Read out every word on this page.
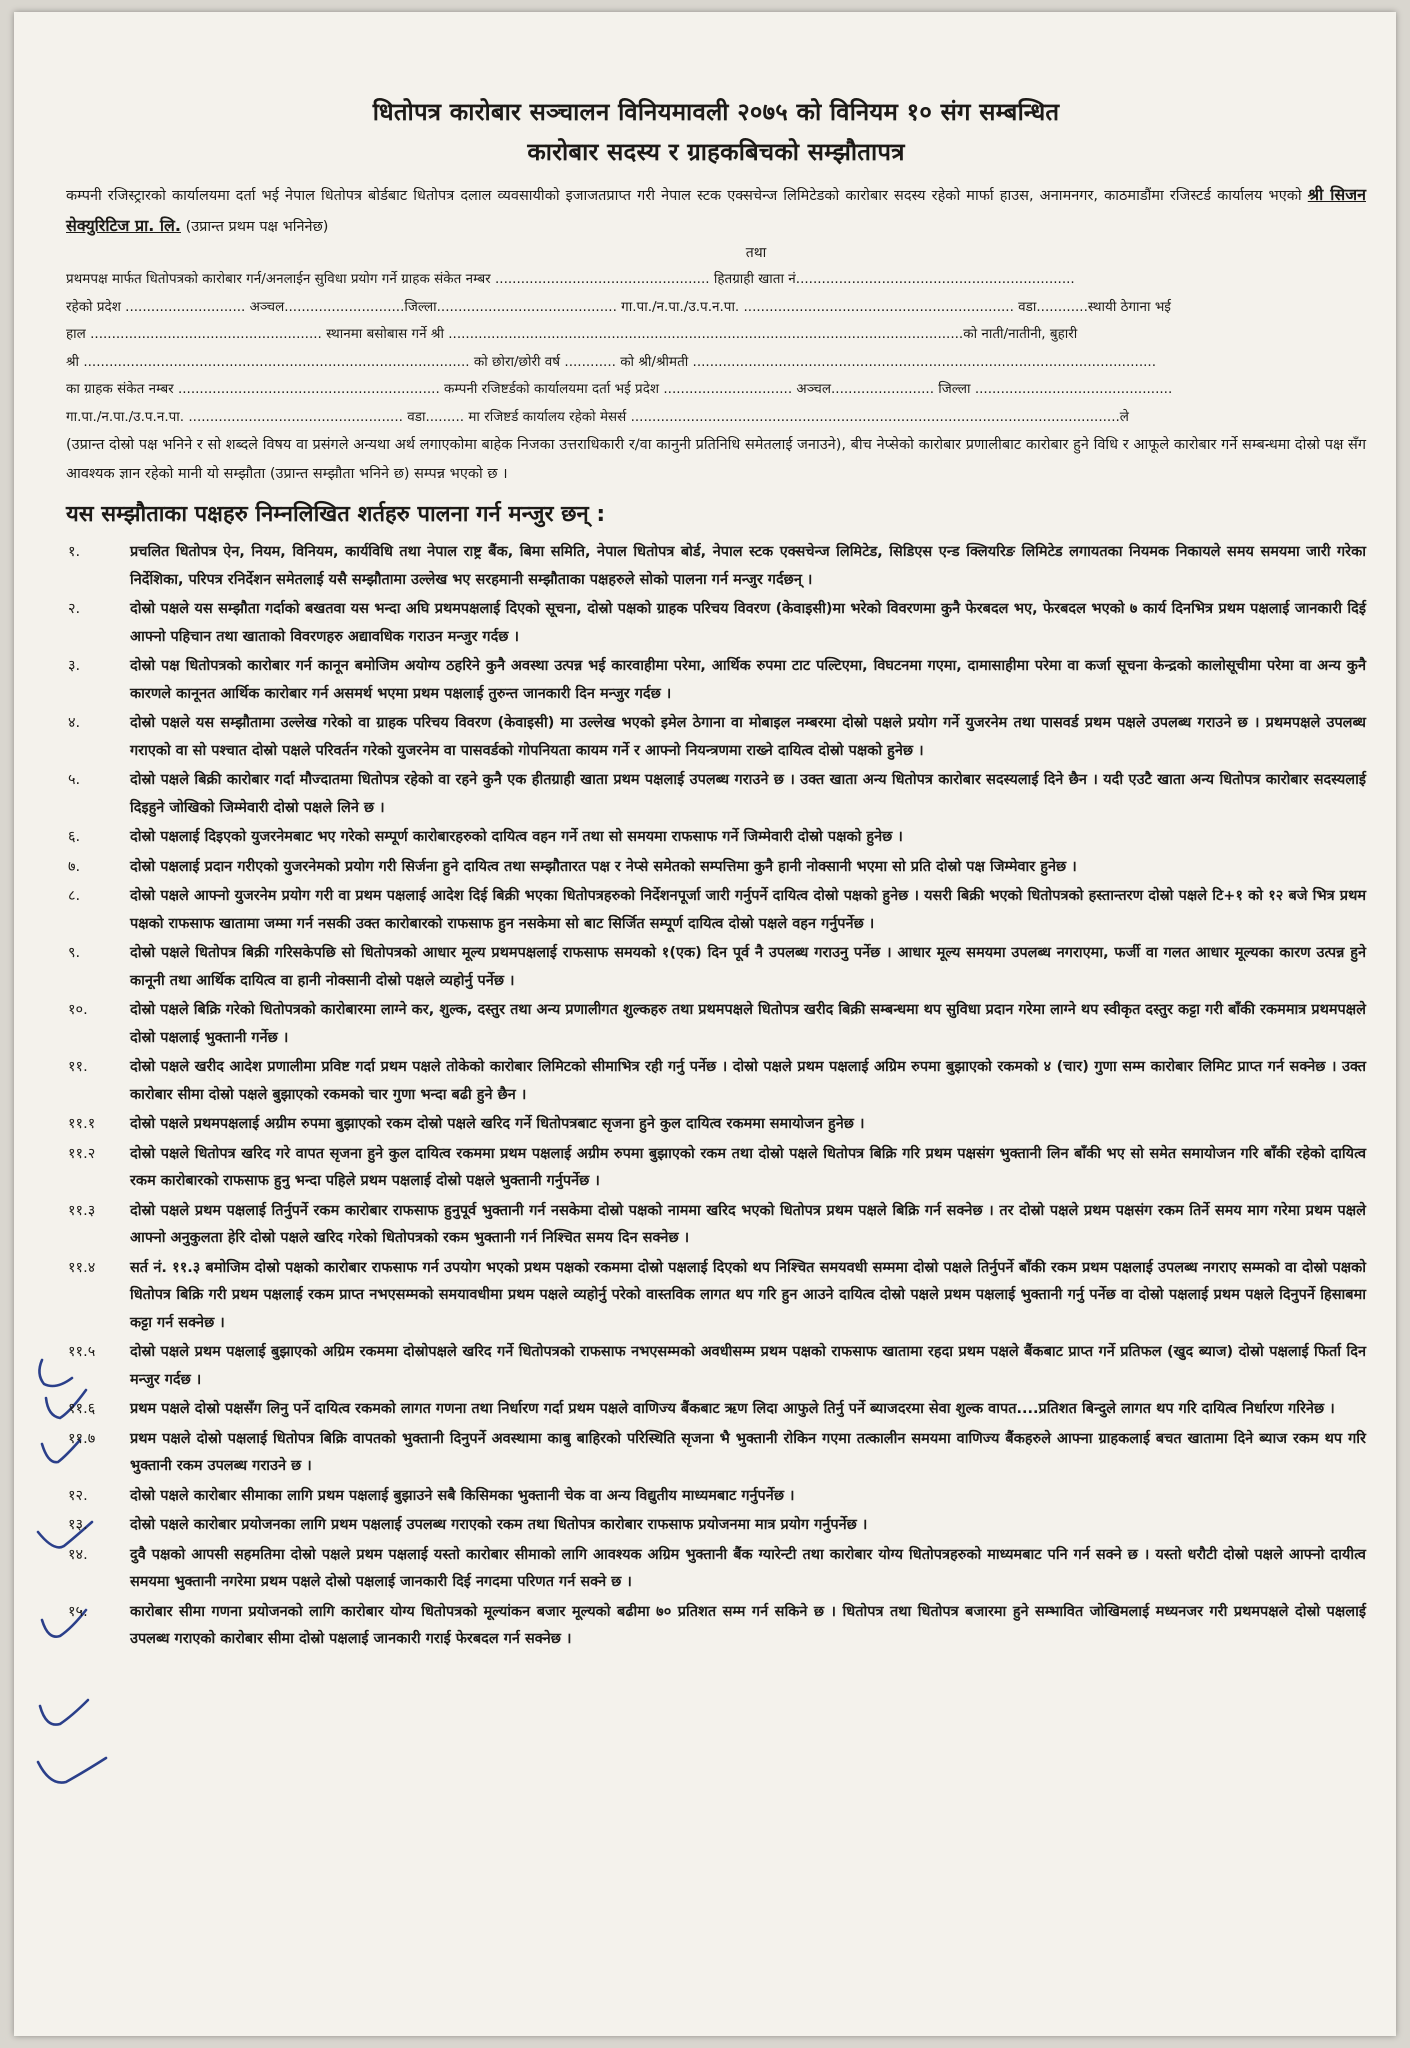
धितोपत्र कारोबार सञ्चालन विनियमावली २०७५ को विनियम १० संग सम्बन्धित
कारोबार सदस्य र ग्राहकबिचको सम्झौतापत्र
कम्पनी रजिस्ट्रारको कार्यालयमा दर्ता भई नेपाल धितोपत्र बोर्डबाट धितोपत्र दलाल व्यवसायीको इजाजतप्राप्त गरी नेपाल स्टक एक्सचेन्ज लिमिटेडको कारोबार सदस्य रहेको मार्फा हाउस, अनामनगर, काठमाडौंमा रजिस्टर्ड कार्यालय भएको श्री सिजन सेक्युरिटिज प्रा. लि. (उप्रान्त प्रथम पक्ष भनिनेछ)
तथा
प्रथमपक्ष मार्फत धितोपत्रको कारोबार गर्न/अनलाईन सुविधा प्रयोग गर्ने ग्राहक संकेत नम्बर .................................................. हितग्राही खाता नं.................................................................
रहेको प्रदेश ............................ अञ्चल............................जिल्ला.......................................... गा.पा./न.पा./उ.प.न.पा. ............................................................... वडा............स्थायी ठेगाना भई
हाल ...................................................... स्थानमा बसोबास गर्ने श्री ........................................................................................................................को नाती/नातीनी, बुहारी
श्री .......................................................................................... को छोरा/छोरी वर्ष ............ को श्री/श्रीमती ............................................................................................................
का ग्राहक संकेत नम्बर ............................................................. कम्पनी रजिष्टर्डको कार्यालयमा दर्ता भई प्रदेश .............................. अञ्चल........................ जिल्ला ..............................................
गा.पा./न.पा./उ.प.न.पा. .................................................. वडा......... मा रजिष्टर्ड कार्यालय रहेको मेसर्स ..................................................................................................................ले
(उप्रान्त दोस्रो पक्ष भनिने र सो शब्दले विषय वा प्रसंगले अन्यथा अर्थ लगाएकोमा बाहेक निजका उत्तराधिकारी र/वा कानुनी प्रतिनिधि समेतलाई जनाउने), बीच नेप्सेको कारोबार प्रणालीबाट कारोबार हुने विधि र आफूले कारोबार गर्ने सम्बन्धमा दोस्रो पक्ष सँग आवश्यक ज्ञान रहेको मानी यो सम्झौता (उप्रान्त सम्झौता भनिने छ) सम्पन्न भएको छ ।
यस सम्झौताका पक्षहरु निम्नलिखित शर्तहरु पालना गर्न मन्जुर छन् :
१.	प्रचलित धितोपत्र ऐन, नियम, विनियम, कार्यविधि तथा नेपाल राष्ट्र बैंक, बिमा समिति, नेपाल धितोपत्र बोर्ड, नेपाल स्टक एक्सचेन्ज लिमिटेड, सिडिएस एन्ड क्लियरिङ लिमिटेड लगायतका नियमक निकायले समय समयमा जारी गरेका निर्देशिका, परिपत्र रनिर्देशन समेतलाई यसै सम्झौतामा उल्लेख भए सरहमानी सम्झौताका पक्षहरुले सोको पालना गर्न मन्जुर गर्दछन् ।
२.	दोस्रो पक्षले यस सम्झौता गर्दाको बखतवा यस भन्दा अघि प्रथमपक्षलाई दिएको सूचना, दोस्रो पक्षको ग्राहक परिचय विवरण (केवाइसी)मा भरेको विवरणमा कुनै फेरबदल भए, फेरबदल भएको ७ कार्य दिनभित्र प्रथम पक्षलाई जानकारी दिई आफ्नो पहिचान तथा खाताको विवरणहरु अद्यावधिक गराउन मन्जुर गर्दछ ।
३.	दोस्रो पक्ष धितोपत्रको कारोबार गर्न कानून बमोजिम अयोग्य ठहरिने कुनै अवस्था उत्पन्न भई कारवाहीमा परेमा, आर्थिक रुपमा टाट पल्टिएमा, विघटनमा गएमा, दामासाहीमा परेमा वा कर्जा सूचना केन्द्रको कालोसूचीमा परेमा वा अन्य कुनै कारणले कानूनत आर्थिक कारोबार गर्न असमर्थ भएमा प्रथम पक्षलाई तुरुन्त जानकारी दिन मन्जुर गर्दछ ।
४.	दोस्रो पक्षले यस सम्झौतामा उल्लेख गरेको वा ग्राहक परिचय विवरण (केवाइसी) मा उल्लेख भएको इमेल ठेगाना वा मोबाइल नम्बरमा दोस्रो पक्षले प्रयोग गर्ने युजरनेम तथा पासवर्ड प्रथम पक्षले उपलब्ध गराउने छ । प्रथमपक्षले उपलब्ध गराएको वा सो पश्चात दोस्रो पक्षले परिवर्तन गरेको युजरनेम वा पासवर्डको गोपनियता कायम गर्ने र आफ्नो नियन्त्रणमा राख्ने दायित्व दोस्रो पक्षको हुनेछ ।
५.	दोस्रो पक्षले बिक्री कारोबार गर्दा मौज्दातमा धितोपत्र रहेको वा रहने कुनै एक हीतग्राही खाता प्रथम पक्षलाई उपलब्ध गराउने छ । उक्त खाता अन्य धितोपत्र कारोबार सदस्यलाई दिने छैन । यदी एउटै खाता अन्य धितोपत्र कारोबार सदस्यलाई दिइहुने जोखिको जिम्मेवारी दोस्रो पक्षले लिने छ ।
६.	दोस्रो पक्षलाई दिइएको युजरनेमबाट भए गरेको सम्पूर्ण कारोबारहरुको दायित्व वहन गर्ने तथा सो समयमा राफसाफ गर्ने जिम्मेवारी दोस्रो पक्षको हुनेछ ।
७.	दोस्रो पक्षलाई प्रदान गरीएको युजरनेमको प्रयोग गरी सिर्जना हुने दायित्व तथा सम्झौतारत पक्ष र नेप्से समेतको सम्पत्तिमा कुनै हानी नोक्सानी भएमा सो प्रति दोस्रो पक्ष जिम्मेवार हुनेछ ।
८.	दोस्रो पक्षले आफ्नो युजरनेम प्रयोग गरी वा प्रथम पक्षलाई आदेश दिई बिक्री भएका धितोपत्रहरुको निर्देशनपूर्जा जारी गर्नुपर्ने दायित्व दोस्रो पक्षको हुनेछ । यसरी बिक्री भएको धितोपत्रको हस्तान्तरण दोस्रो पक्षले टि+१ को १२ बजे भित्र प्रथम पक्षको राफसाफ खातामा जम्मा गर्न नसकी उक्त कारोबारको राफसाफ हुन नसकेमा सो बाट सिर्जित सम्पूर्ण दायित्व दोस्रो पक्षले वहन गर्नुपर्नेछ ।
९.	दोस्रो पक्षले धितोपत्र बिक्री गरिसकेपछि सो धितोपत्रको आधार मूल्य प्रथमपक्षलाई राफसाफ समयको १(एक) दिन पूर्व नै उपलब्ध गराउनु पर्नेछ । आधार मूल्य समयमा उपलब्ध नगराएमा, फर्जी वा गलत आधार मूल्यका कारण उत्पन्न हुने कानूनी तथा आर्थिक दायित्व वा हानी नोक्सानी दोस्रो पक्षले व्यहोर्नु पर्नेछ ।
१०.	दोस्रो पक्षले बिक्रि गरेको धितोपत्रको कारोबारमा लाग्ने कर, शुल्क, दस्तुर तथा अन्य प्रणालीगत शुल्कहरु तथा प्रथमपक्षले धितोपत्र खरीद बिक्री सम्बन्धमा थप सुविधा प्रदान गरेमा लाग्ने थप स्वीकृत दस्तुर कट्टा गरी बाँकी रकममात्र प्रथमपक्षले दोस्रो पक्षलाई भुक्तानी गर्नेछ ।
११.	दोस्रो पक्षले खरीद आदेश प्रणालीमा प्रविष्ट गर्दा प्रथम पक्षले तोकेको कारोबार लिमिटको सीमाभित्र रही गर्नु पर्नेछ । दोस्रो पक्षले प्रथम पक्षलाई अग्रिम रुपमा बुझाएको रकमको ४ (चार) गुणा सम्म कारोबार लिमिट प्राप्त गर्न सक्नेछ । उक्त कारोबार सीमा दोस्रो पक्षले बुझाएको रकमको चार गुणा भन्दा बढी हुने छैन ।
११.१	दोस्रो पक्षले प्रथमपक्षलाई अग्रीम रुपमा बुझाएको रकम दोस्रो पक्षले खरिद गर्ने धितोपत्रबाट सृजना हुने कुल दायित्व रकममा समायोजन हुनेछ ।
११.२	दोस्रो पक्षले धितोपत्र खरिद गरे वापत सृजना हुने कुल दायित्व रकममा प्रथम पक्षलाई अग्रीम रुपमा बुझाएको रकम तथा दोस्रो पक्षले धितोपत्र बिक्रि गरि प्रथम पक्षसंग भुक्तानी लिन बाँकी भए सो समेत समायोजन गरि बाँकी रहेको दायित्व रकम कारोबारको राफसाफ हुनु भन्दा पहिले प्रथम पक्षलाई दोस्रो पक्षले भुक्तानी गर्नुपर्नेछ ।
११.३	दोस्रो पक्षले प्रथम पक्षलाई तिर्नुपर्ने रकम कारोबार राफसाफ हुनुपूर्व भुक्तानी गर्न नसकेमा दोस्रो पक्षको नाममा खरिद भएको धितोपत्र प्रथम पक्षले बिक्रि गर्न सक्नेछ । तर दोस्रो पक्षले प्रथम पक्षसंग रकम तिर्ने समय माग गरेमा प्रथम पक्षले आफ्नो अनुकुलता हेरि दोस्रो पक्षले खरिद गरेको धितोपत्रको रकम भुक्तानी गर्न निश्चित समय दिन सक्नेछ ।
११.४	सर्त नं. ११.३ बमोजिम दोस्रो पक्षको कारोबार राफसाफ गर्न उपयोग भएको प्रथम पक्षको रकममा दोस्रो पक्षलाई दिएको थप निश्चित समयवधी सम्ममा दोस्रो पक्षले तिर्नुपर्ने बाँकी रकम प्रथम पक्षलाई उपलब्ध नगराए सम्मको वा दोस्रो पक्षको धितोपत्र बिक्रि गरी प्रथम पक्षलाई रकम प्राप्त नभएसम्मको समयावधीमा प्रथम पक्षले व्यहोर्नु परेको वास्तविक लागत थप गरि हुन आउने दायित्व दोस्रो पक्षले प्रथम पक्षलाई भुक्तानी गर्नु पर्नेछ वा दोस्रो पक्षलाई प्रथम पक्षले दिनुपर्ने हिसाबमा कट्टा गर्न सक्नेछ ।
११.५	दोस्रो पक्षले प्रथम पक्षलाई बुझाएको अग्रिम रकममा दोस्रोपक्षले खरिद गर्ने धितोपत्रको राफसाफ नभएसम्मको अवधीसम्म प्रथम पक्षको राफसाफ खातामा रहदा प्रथम पक्षले बैंकबाट प्राप्त गर्ने प्रतिफल (खुद ब्याज) दोस्रो पक्षलाई फिर्ता दिन मन्जुर गर्दछ ।
११.६	प्रथम पक्षले दोस्रो पक्षसँग लिनु पर्ने दायित्व रकमको लागत गणना तथा निर्धारण गर्दा प्रथम पक्षले वाणिज्य बैंकबाट ऋण लिदा आफुले तिर्नु पर्ने ब्याजदरमा सेवा शुल्क वापत....प्रतिशत बिन्दुले लागत थप गरि दायित्व निर्धारण गरिनेछ ।
११.७	प्रथम पक्षले दोस्रो पक्षलाई धितोपत्र बिक्रि वापतको भुक्तानी दिनुपर्ने अवस्थामा काबु बाहिरको परिस्थिति सृजना भै भुक्तानी रोकिन गएमा तत्कालीन समयमा वाणिज्य बैंकहरुले आफ्ना ग्राहकलाई बचत खातामा दिने ब्याज रकम थप गरि भुक्तानी रकम उपलब्ध गराउने छ ।
१२.	दोस्रो पक्षले कारोबार सीमाका लागि प्रथम पक्षलाई बुझाउने सबै किसिमका भुक्तानी चेक वा अन्य विद्युतीय माध्यमबाट गर्नुपर्नेछ ।
१३.	दोस्रो पक्षले कारोबार प्रयोजनका लागि प्रथम पक्षलाई उपलब्ध गराएको रकम तथा धितोपत्र कारोबार राफसाफ प्रयोजनमा मात्र प्रयोग गर्नुपर्नेछ ।
१४.	दुवै पक्षको आपसी सहमतिमा दोस्रो पक्षले प्रथम पक्षलाई यस्तो कारोबार सीमाको लागि आवश्यक अग्रिम भुक्तानी बैंक ग्यारेन्टी तथा कारोबार योग्य धितोपत्रहरुको माध्यमबाट पनि गर्न सक्ने छ । यस्तो धरौटी दोस्रो पक्षले आफ्नो दायीत्व समयमा भुक्तानी नगरेमा प्रथम पक्षले दोस्रो पक्षलाई जानकारी दिई नगदमा परिणत गर्न सक्ने छ ।
१५.	कारोबार सीमा गणना प्रयोजनको लागि कारोबार योग्य धितोपत्रको मूल्यांकन बजार मूल्यको बढीमा ७० प्रतिशत सम्म गर्न सकिने छ । धितोपत्र तथा धितोपत्र बजारमा हुने सम्भावित जोखिमलाई मध्यनजर गरी प्रथमपक्षले दोस्रो पक्षलाई उपलब्ध गराएको कारोबार सीमा दोस्रो पक्षलाई जानकारी गराई फेरबदल गर्न सक्नेछ ।
